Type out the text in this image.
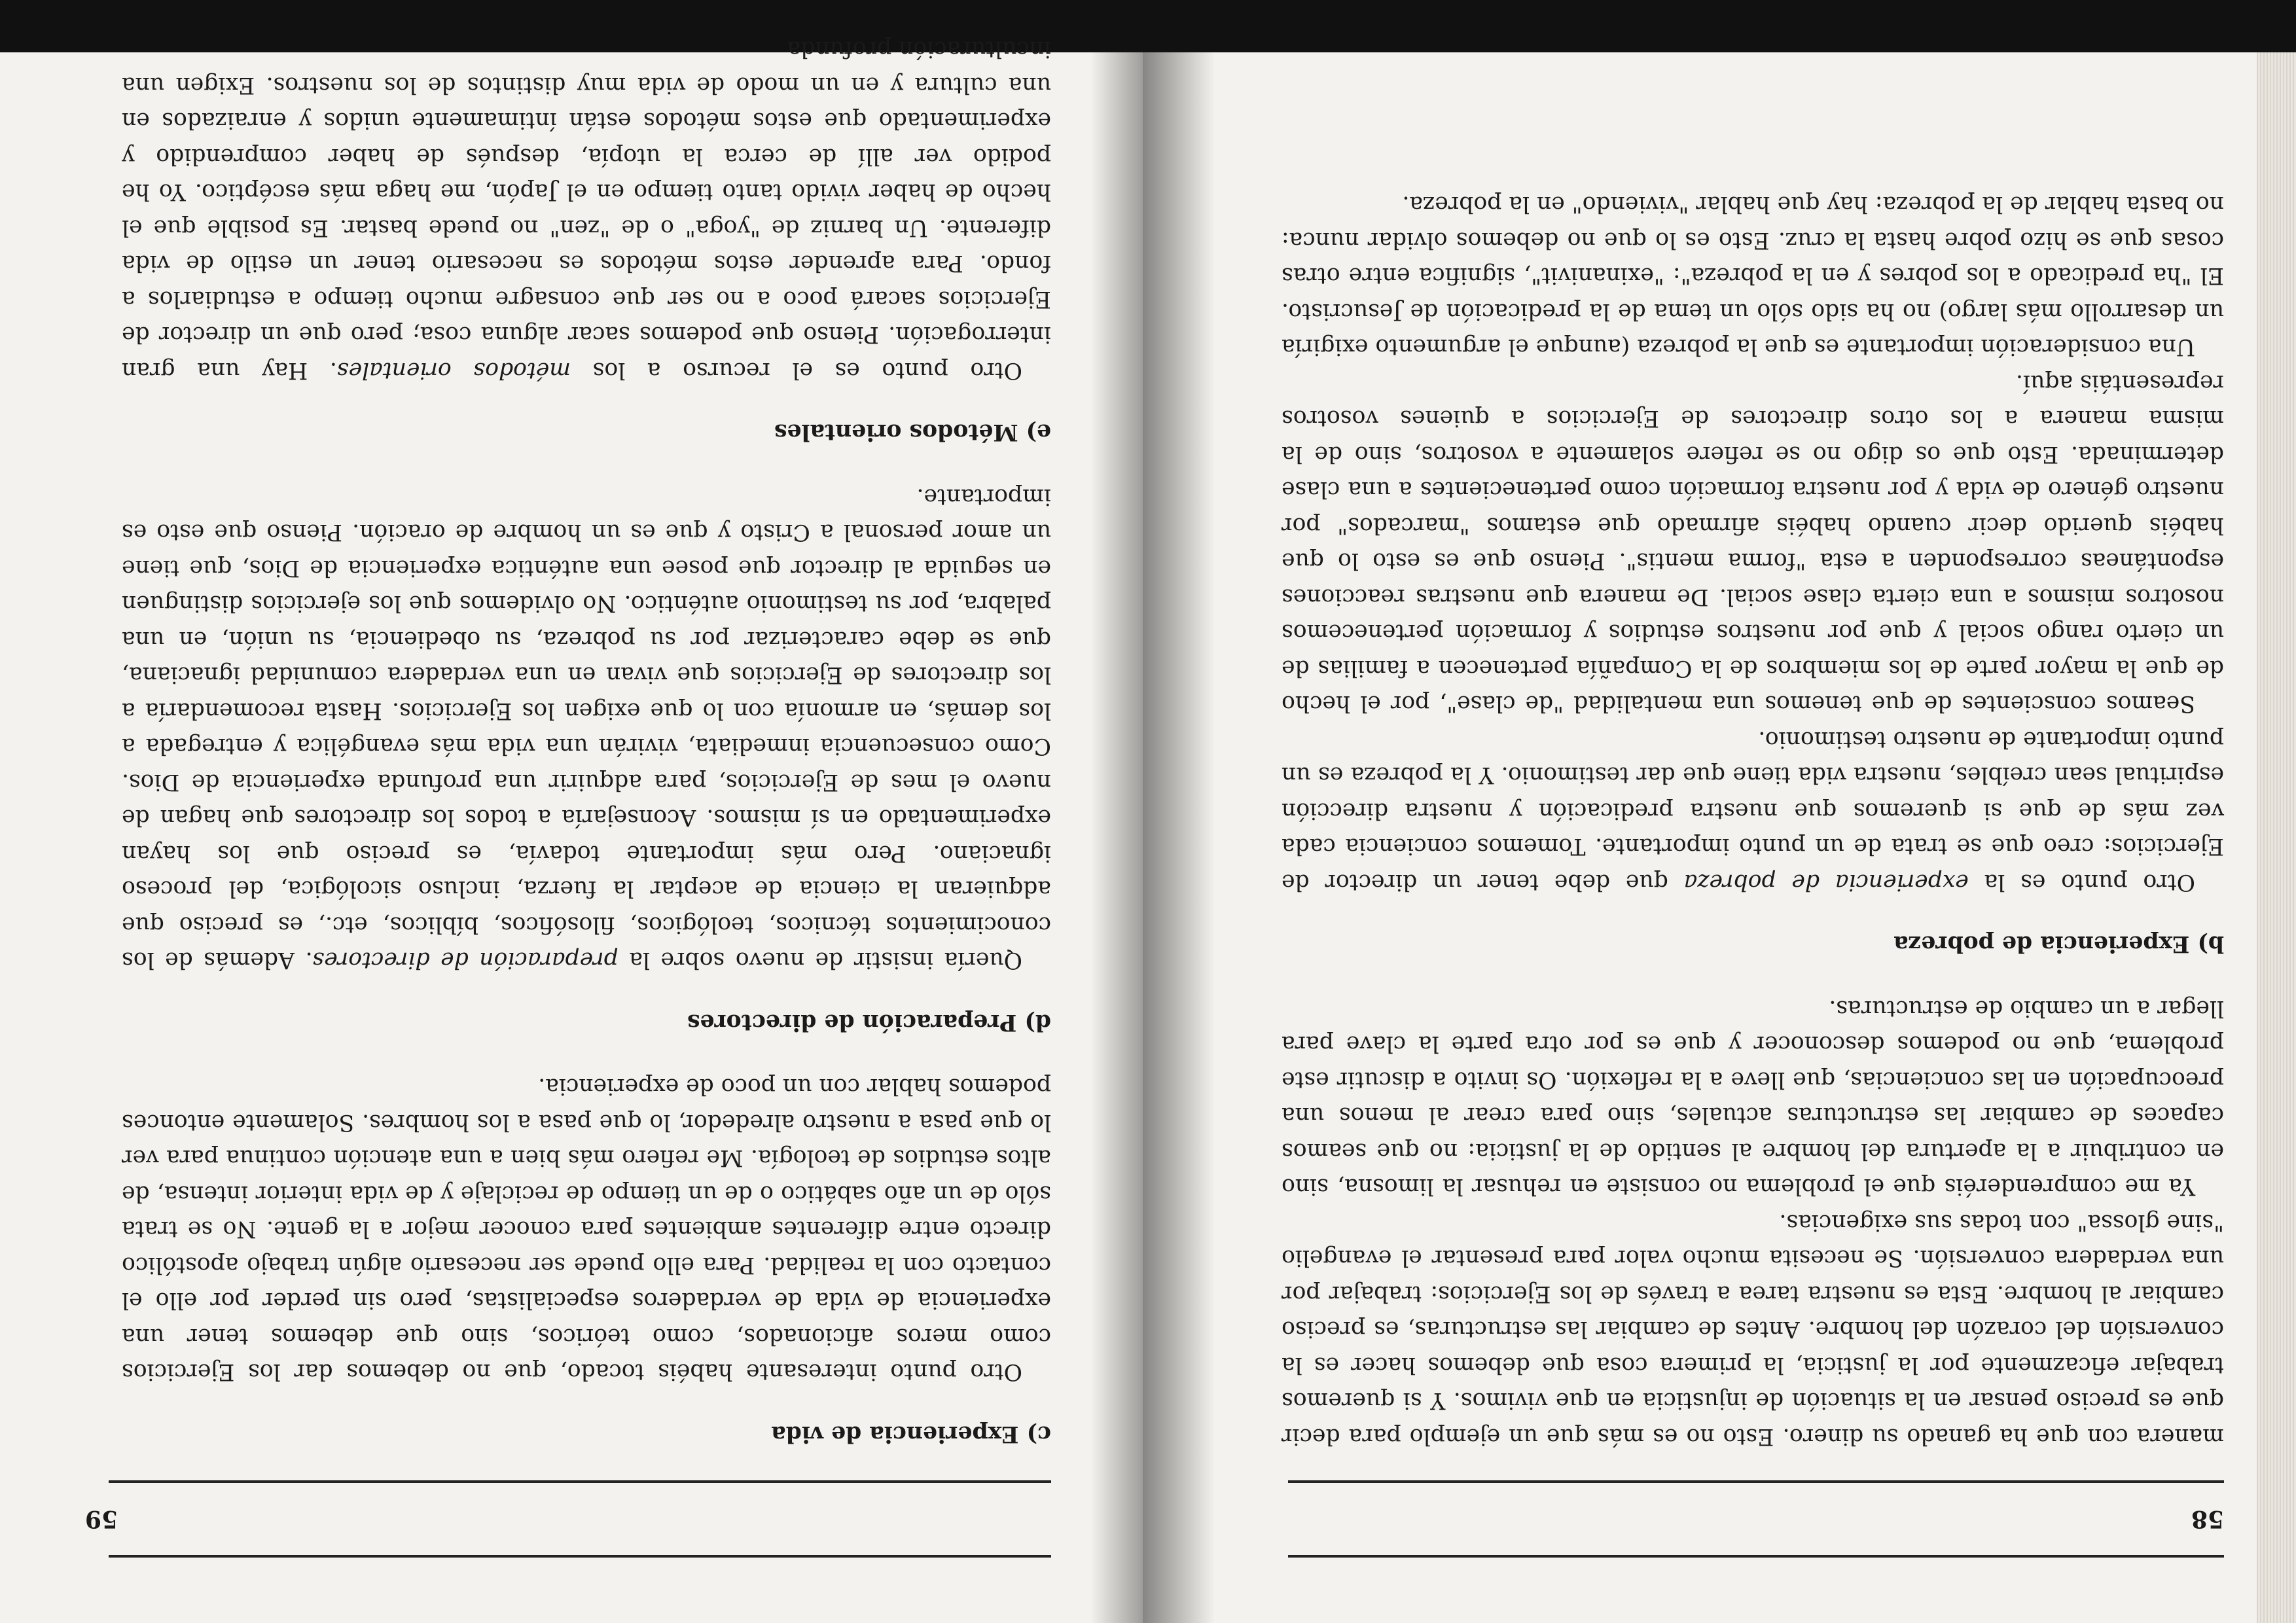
58

manera con que ha ganado su dinero. Esto no es más que un ejemplo para decir que es preciso pensar en la situación de injusticia en que vivimos. Y si queremos trabajar eficazmente por la justicia, la primera cosa que debemos hacer es la conversión del corazón del hombre. Antes de cambiar las estructuras, es preciso cambiar al hombre. Esta es nuestra tarea a través de los Ejercicios: trabajar por una verdadera conversión. Se necesita mucho valor para presentar el evangelio "sine glossa" con todas sus exigencias.

Ya me comprenderéis que el problema no consiste en rehusar la limosna, sino en contribuir a la apertura del hombre al sentido de la justicia: no que seamos capaces de cambiar las estructuras actuales, sino para crear al menos una preocupación en las conciencias, que lleve a la reflexión. Os invito a discutir este problema, que no podemos desconocer y que es por otra parte la clave para llegar a un cambio de estructuras.

b) Experiencia de pobreza

Otro punto es la experiencia de pobreza que debe tener un director de Ejercicios: creo que se trata de un punto importante. Tomemos conciencia cada vez más de que si queremos que nuestra predicación y nuestra dirección espiritual sean creíbles, nuestra vida tiene que dar testimonio. Y la pobreza es un punto importante de nuestro testimonio.

Seamos conscientes de que tenemos una mentalidad "de clase", por el hecho de que la mayor parte de los miembros de la Compañía pertenecen a familias de un cierto rango social y que por nuestros estudios y formación pertenecemos nosotros mismos a una cierta clase social. De manera que nuestras reacciones espontáneas corresponden a esta "forma mentis". Pienso que es esto lo que habéis querido decir cuando habéis afirmado que estamos "marcados" por nuestro género de vida y por nuestra formación como pertenecientes a una clase determinada. Esto que os digo no se refiere solamente a vosotros, sino de la misma manera a los otros directores de Ejercicios a quienes vosotros representáis aquí.

Una consideración importante es que la pobreza (aunque el argumento exigiría un desarrollo más largo) no ha sido sólo un tema de la predicación de Jesucristo. El "ha predicado a los pobres y en la pobreza": "exinanivit", significa entre otras cosas que se hizo pobre hasta la cruz. Esto es lo que no debemos olvidar nunca: no basta hablar de la pobreza: hay que hablar "viviendo" en la pobreza.

59
c) Experiencia de vida

Otro punto interesante habéis tocado, que no debemos dar los Ejercicios como meros aficionados, como teóricos, sino que debemos tener una experiencia de vida de verdaderos especialistas, pero sin perder por ello el contacto con la realidad. Para ello puede ser necesario algún trabajo apostólico directo entre diferentes ambientes para conocer mejor a la gente. No se trata sólo de un año sabático o de un tiempo de reciclaje y de vida interior intensa, de altos estudios de teología. Me refiero más bien a una atención continua para ver lo que pasa a nuestro alrededor, lo que pasa a los hombres. Solamente entonces podemos hablar con un poco de experiencia.

d) Preparación de directores

Quería insistir de nuevo sobre la preparación de directores. Además de los conocimientos técnicos, teológicos, filosóficos, bíblicos, etc., es preciso que adquieran la ciencia de aceptar la fuerza, incluso sicológica, del proceso ignaciano. Pero más importante todavía, es preciso que los hayan experimentado en sí mismos. Aconsejaría a todos los directores que hagan de nuevo el mes de Ejercicios, para adquirir una profunda experiencia de Dios. Como consecuencia inmediata, vivirán una vida más evangélica y entregada a los demás, en armonía con lo que exigen los Ejercicios. Hasta recomendaría a los directores de Ejercicios que vivan en una verdadera comunidad ignaciana, que se debe caracterizar por su pobreza, su obediencia, su unión, en una palabra, por su testimonio auténtico. No olvidemos que los ejercicios distinguen en seguida al director que posee una auténtica experiencia de Dios, que tiene un amor personal a Cristo y que es un hombre de oración. Pienso que esto es importante.

e) Métodos orientales

Otro punto es el recurso a los métodos orientales. Hay una gran interrogación. Pienso que podemos sacar alguna cosa; pero que un director de Ejercicios sacará poco a no ser que consagre mucho tiempo a estudiarlos a fondo. Para aprender estos métodos es necesario tener un estilo de vida diferente. Un barniz de "yoga" o de "zen" no puede bastar. Es posible que el hecho de haber vivido tanto tiempo en el Japón, me haga más escéptico. Yo he podido ver allí de cerca la utopía, después de haber comprendido y experimentado que estos métodos están íntimamente unidos y enraizados en una cultura y en un modo de vida muy distintos de los nuestros. Exigen una inculturación profunda
